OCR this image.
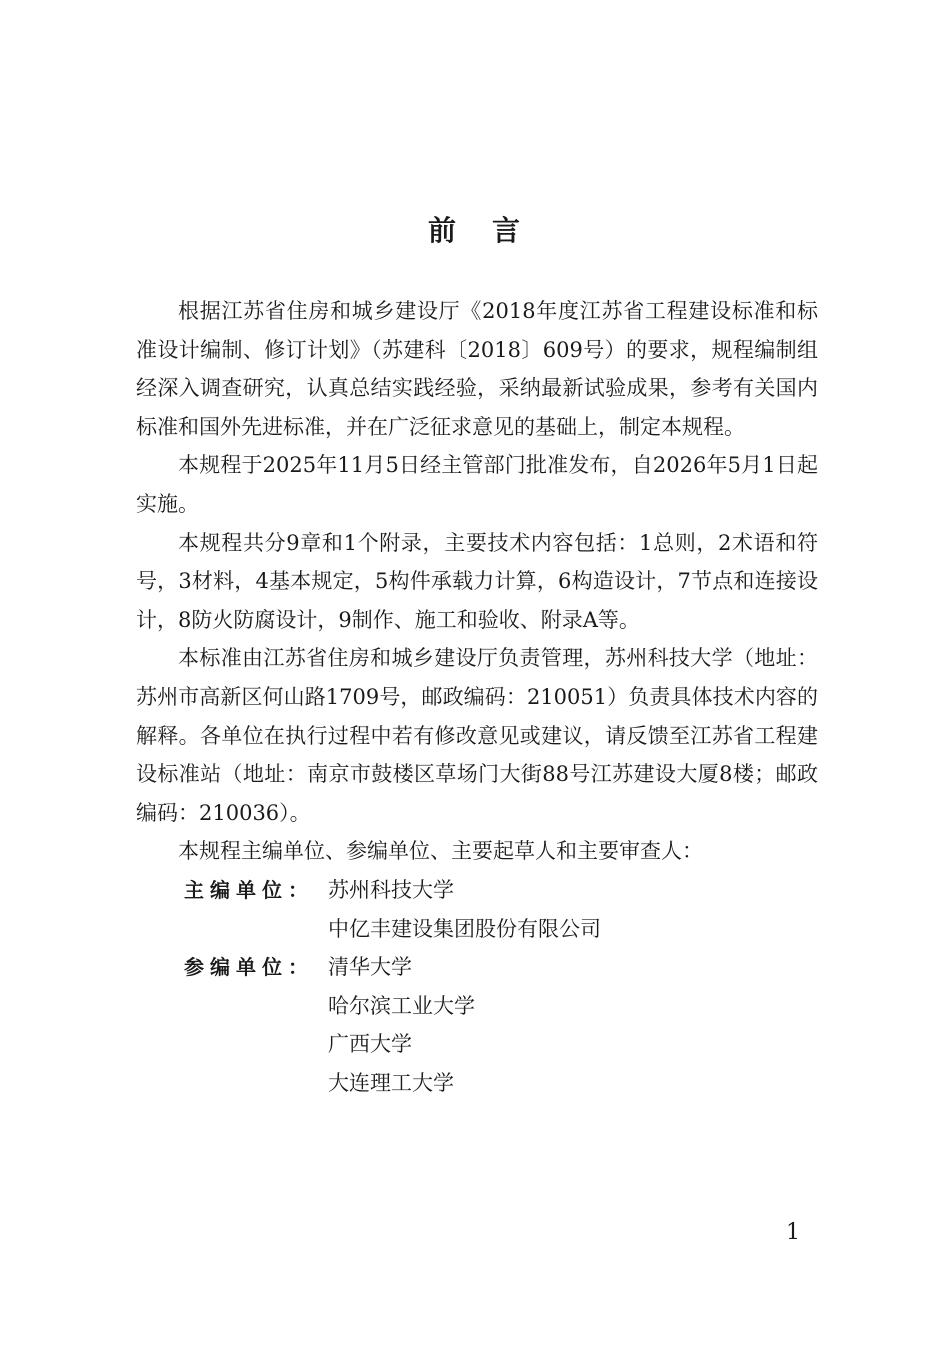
前 言

根据江苏省住房和城乡建设厅《2018年度江苏省工程建设标准和标准设计编制、修订计划》（苏建科〔2018〕609号）的要求，规程编制组经深入调查研究，认真总结实践经验，采纳最新试验成果，参考有关国内标准和国外先进标准，并在广泛征求意见的基础上，制定本规程。

本规程于2025年11月5日经主管部门批准发布，自2026年5月1日起实施。

本规程共分9章和1个附录，主要技术内容包括：1总则，2术语和符号，3材料，4基本规定，5构件承载力计算，6构造设计，7节点和连接设计，8防火防腐设计，9制作、施工和验收、附录A等。

本标准由江苏省住房和城乡建设厅负责管理，苏州科技大学（地址：苏州市高新区何山路1709号，邮政编码：210051）负责具体技术内容的解释。各单位在执行过程中若有修改意见或建议，请反馈至江苏省工程建设标准站（地址：南京市鼓楼区草场门大街88号江苏建设大厦8楼；邮政编码：210036）。

本规程主编单位、参编单位、主要起草人和主要审查人：

主编单位： 苏州科技大学
中亿丰建设集团股份有限公司
参编单位： 清华大学
哈尔滨工业大学
广西大学
大连理工大学
1
